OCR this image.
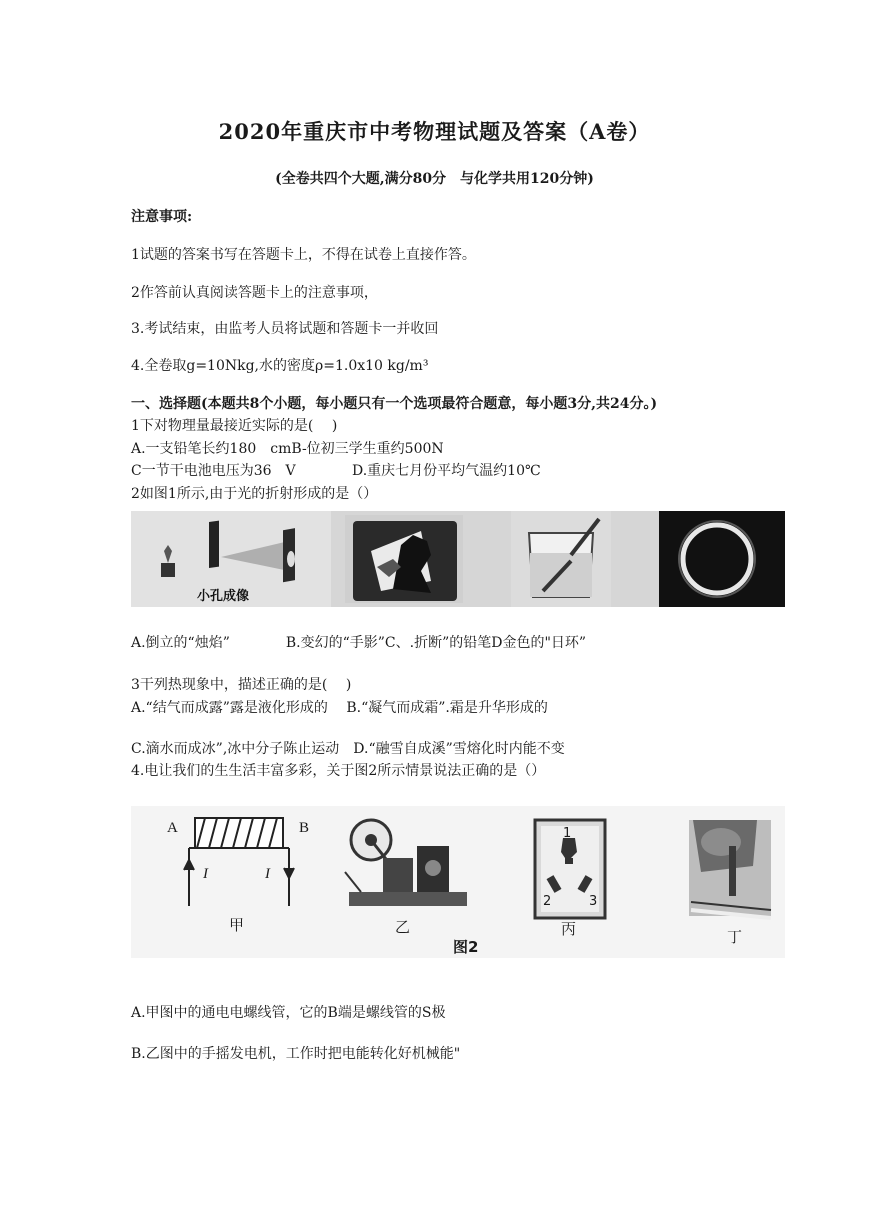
2020年重庆市中考物理试题及答案（A卷）
(全卷共四个大题,满分80分　与化学共用120分钟)
注意事项:
1试题的答案书写在答题卡上，不得在试卷上直接作答。
2作答前认真阅读答题卡上的注意事项，
3.考试结束，由监考人员将试题和答题卡一并收回
4.全卷取g=10Nkg,水的密度ρ=1.0x10 kg/m³
一、选择题(本题共8个小题，每小题只有一个选项最符合题意，每小题3分,共24分。)
1下对物理量最接近实际的是(　 )
A.一支铅笔长约180　cmB-位初三学生重约500N
C一节干电池电压为36　V	D.重庆七月份平均气温约10℃
2如图1所示,由于光的折射形成的是（）
小孔成像
A.倒立的“烛焰”　　　　B.变幻的“手影”C、.折断”的铅笔D金色的"日环”
3干列热现象中，描述正确的是(　 )
A.“结气而成露”露是液化形成的　 B.“凝气而成霜”.霜是升华形成的
C.滴水而成冰”,冰中分子陈止运动　D.“融雪自成溪”雪熔化时内能不变
4.电让我们的生生活丰富多彩，关于图2所示情景说法正确的是（）
A	B
I	I
1
2	3
甲	乙	丙	丁
图2
A.甲图中的通电电螺线管，它的B端是螺线管的S极
B.乙图中的手摇发电机，工作时把电能转化好机械能"
